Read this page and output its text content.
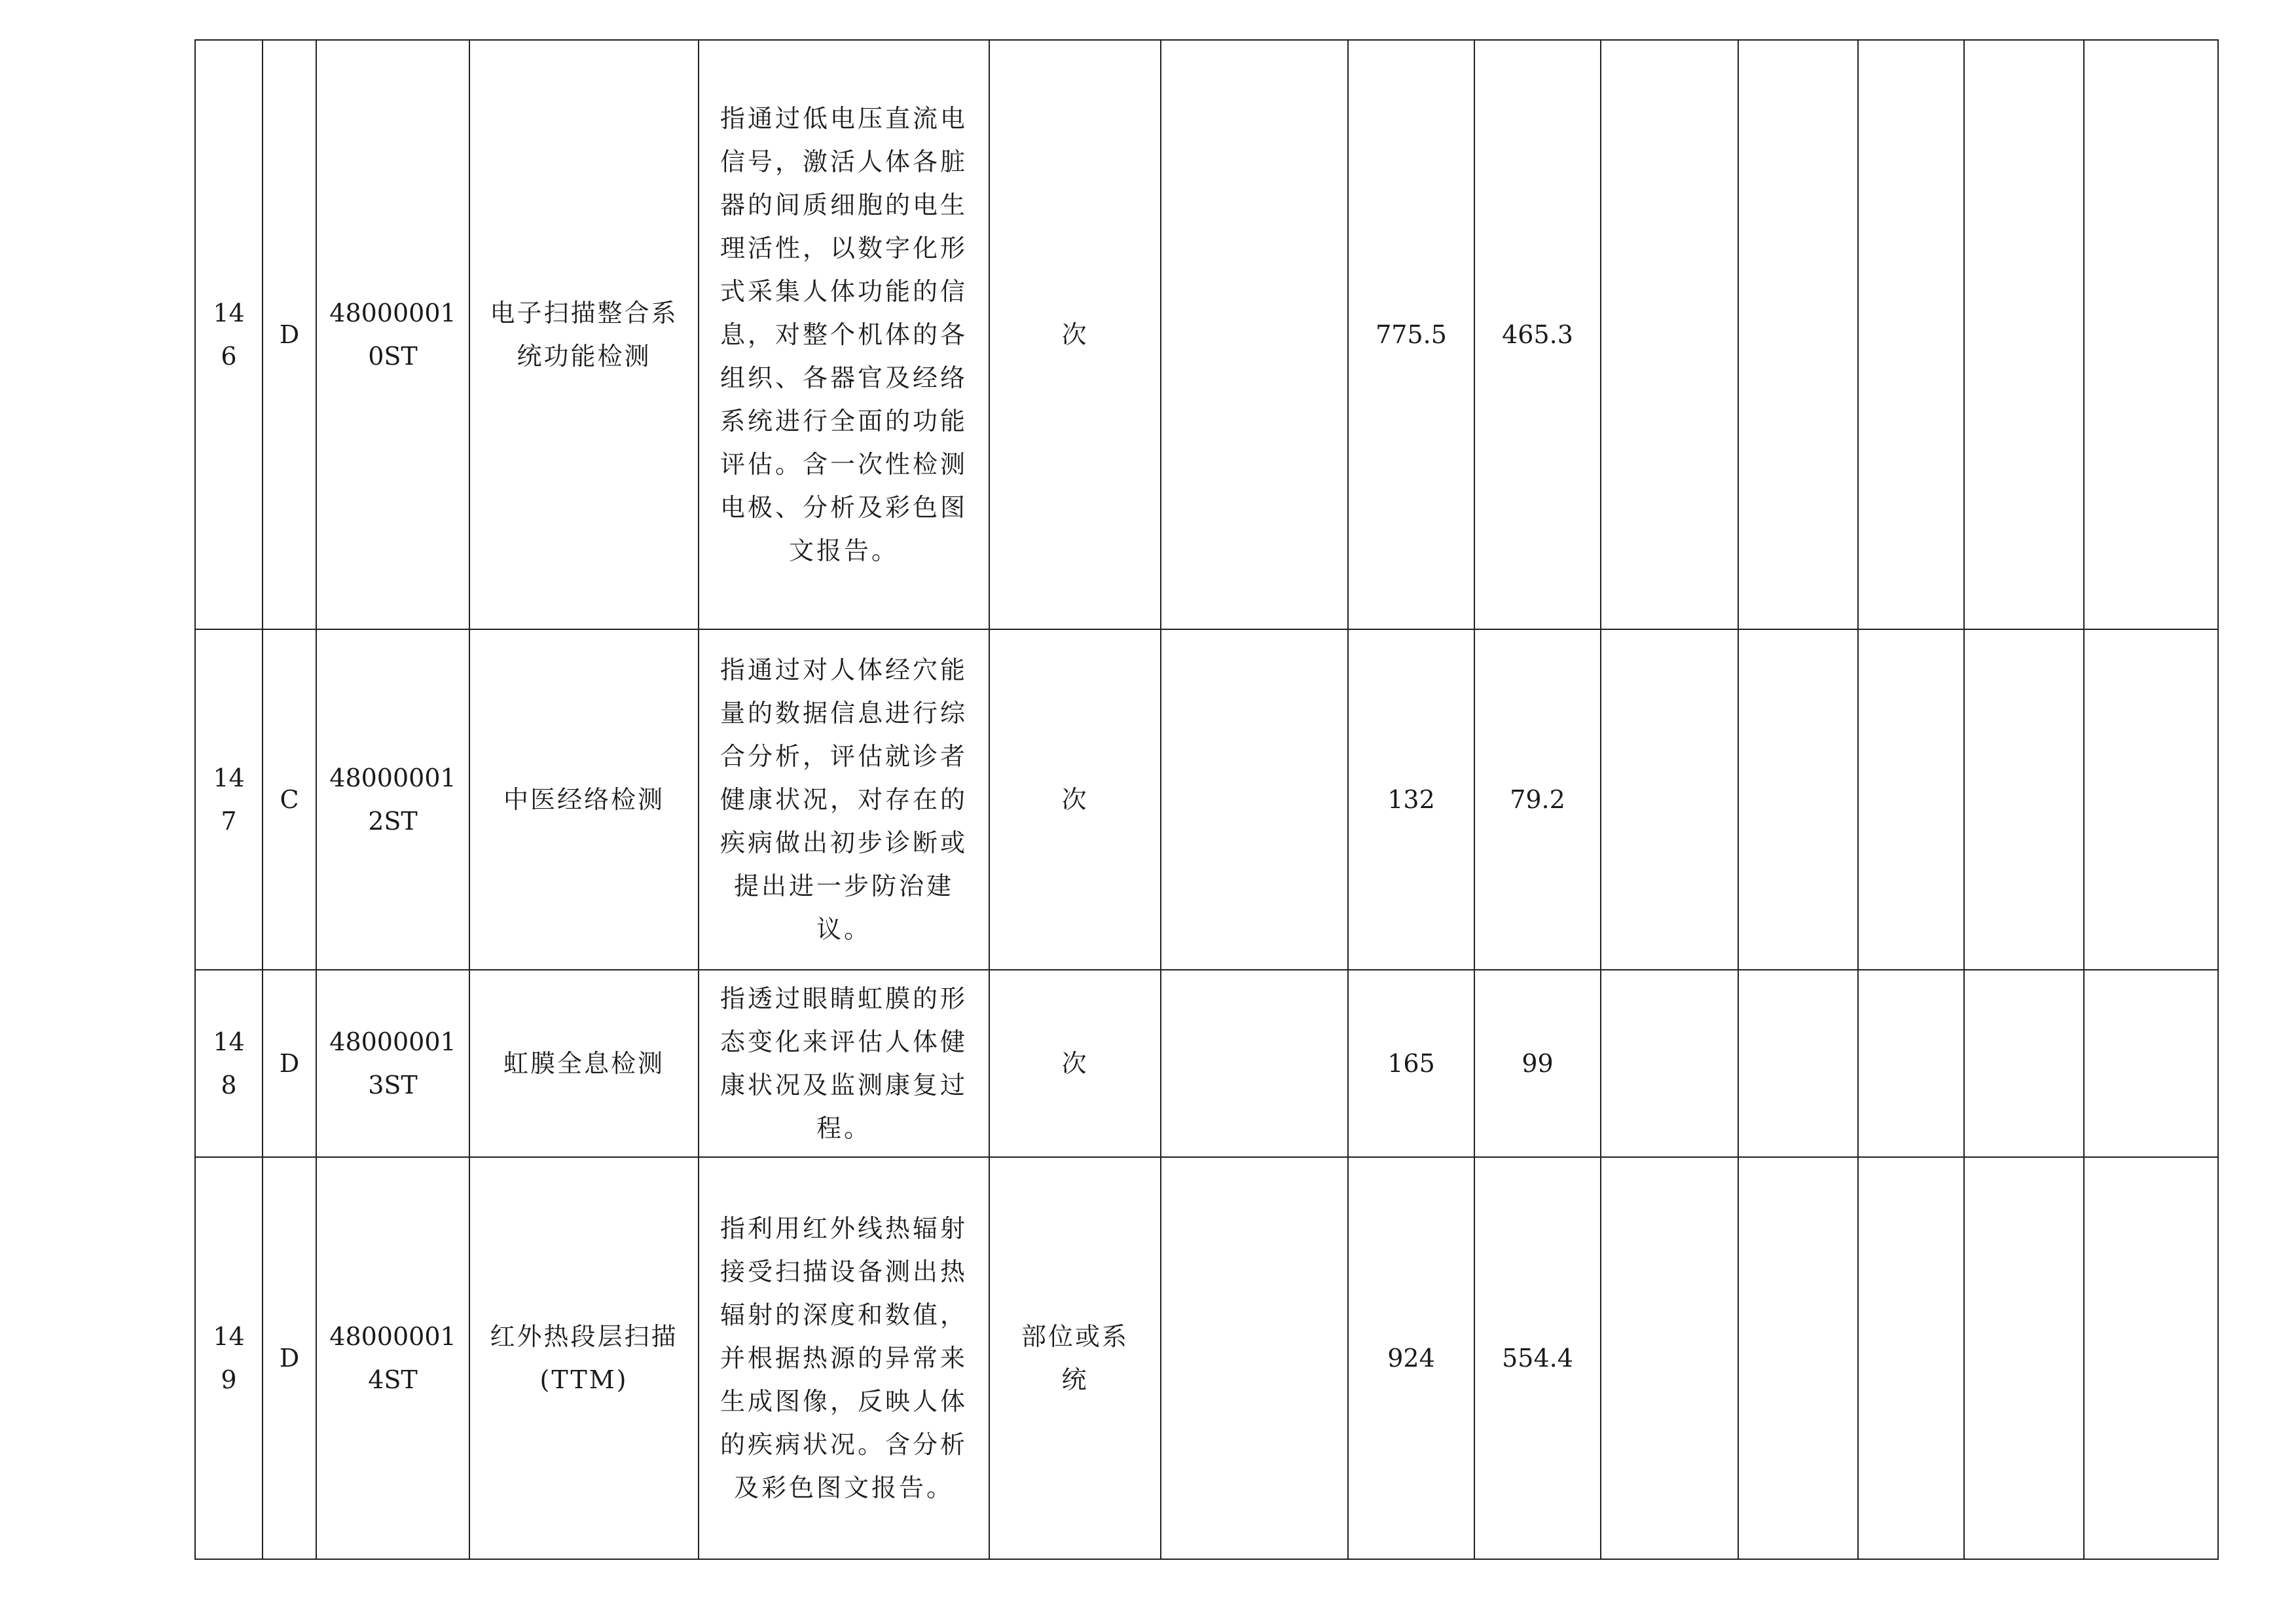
146	D	480000010ST	电子扫描整合系统功能检测	指通过低电压直流电信号，激活人体各脏器的间质细胞的电生理活性，以数字化形式采集人体功能的信息，对整个机体的各组织、各器官及经络系统进行全面的功能评估。含一次性检测电极、分析及彩色图文报告。	次		775.5	465.3					
147	C	480000012ST	中医经络检测	指通过对人体经穴能量的数据信息进行综合分析，评估就诊者健康状况，对存在的疾病做出初步诊断或提出进一步防治建议。	次		132	79.2					
148	D	480000013ST	虹膜全息检测	指透过眼睛虹膜的形态变化来评估人体健康状况及监测康复过程。	次		165	99					
149	D	480000014ST	红外热段层扫描(TTM)	指利用红外线热辐射接受扫描设备测出热辐射的深度和数值，并根据热源的异常来生成图像，反映人体的疾病状况。含分析及彩色图文报告。	部位或系统		924	554.4					
